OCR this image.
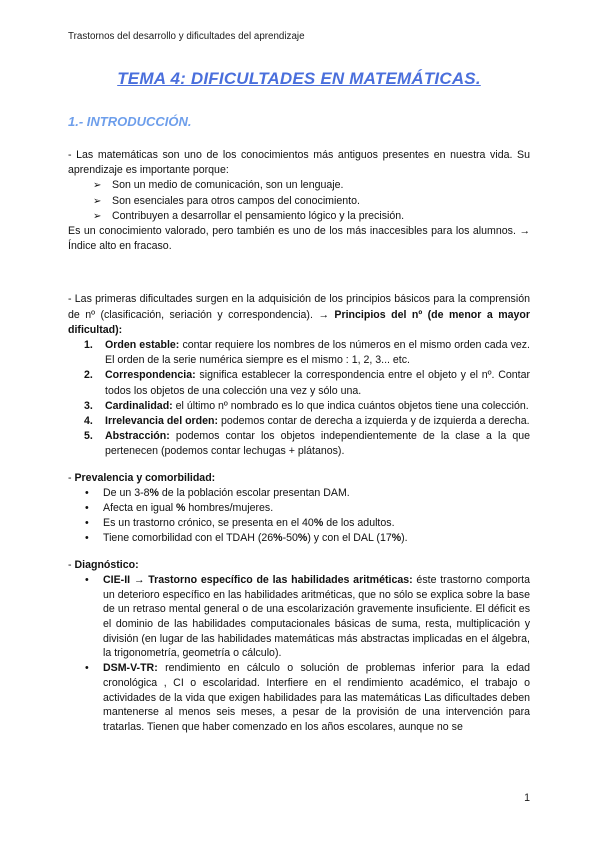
Trastornos del desarrollo y dificultades del aprendizaje
TEMA 4: DIFICULTADES EN MATEMÁTICAS.
1.- INTRODUCCIÓN.

- Las matemáticas son uno de los conocimientos más antiguos presentes en nuestra vida. Su aprendizaje es importante porque:

➢	Son un medio de comunicación, son un lenguaje.
➢	Son esenciales para otros campos del conocimiento.
➢	Contribuyen a desarrollar el pensamiento lógico y la precisión.

Es un conocimiento valorado, pero también es uno de los más inaccesibles para los alumnos. → Índice alto en fracaso.

- Las primeras dificultades surgen en la adquisición de los principios básicos para la comprensión de nº (clasificación, seriación y correspondencia). → Principios del nº (de menor a mayor dificultad):

1.	Orden estable: contar requiere los nombres de los números en el mismo orden cada vez. El orden de la serie numérica siempre es el mismo : 1, 2, 3... etc.
2.	Correspondencia: significa establecer la correspondencia entre el objeto y el nº. Contar todos los objetos de una colección una vez y sólo una.
3.	Cardinalidad: el último nº nombrado es lo que indica cuántos objetos tiene una colección.
4.	Irrelevancia del orden: podemos contar de derecha a izquierda y de izquierda a derecha.
5.	Abstracción: podemos contar los objetos independientemente de la clase a la que pertenecen (podemos contar lechugas + plátanos).

- Prevalencia y comorbilidad:

•	De un 3-8% de la población escolar presentan DAM.
•	Afecta en igual % hombres/mujeres.
•	Es un trastorno crónico, se presenta en el 40% de los adultos.
•	Tiene comorbilidad con el TDAH (26%-50%) y con el DAL (17%).

- Diagnóstico:

•	CIE-II → Trastorno específico de las habilidades aritméticas: éste trastorno comporta un deterioro específico en las habilidades aritméticas, que no sólo se explica sobre la base de un retraso mental general o de una escolarización gravemente insuficiente. El déficit es el dominio de las habilidades computacionales básicas de suma, resta, multiplicación y división (en lugar de las habilidades matemáticas más abstractas implicadas en el álgebra, la trigonometría, geometría o cálculo).
•	DSM-V-TR: rendimiento en cálculo o solución de problemas inferior para la edad cronológica , CI o escolaridad. Interfiere en el rendimiento académico, el trabajo o actividades de la vida que exigen habilidades para las matemáticas Las dificultades deben mantenerse al menos seis meses, a pesar de la provisión de una intervención para tratarlas. Tienen que haber comenzado en los años escolares, aunque no se
1
